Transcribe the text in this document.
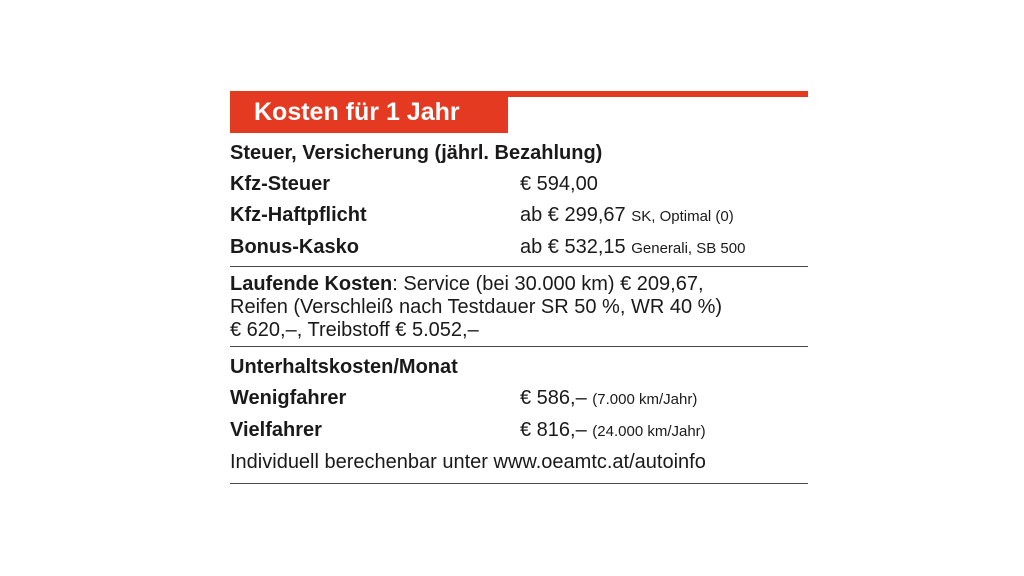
Kosten für 1 Jahr
Steuer, Versicherung (jährl. Bezahlung)
Kfz-Steuer	€ 594,00
Kfz-Haftpflicht	ab € 299,67 SK, Optimal (0)
Bonus-Kasko	ab € 532,15 Generali, SB 500
Laufende Kosten: Service (bei 30.000 km) € 209,67,
Reifen (Verschleiß nach Testdauer SR 50 %, WR 40 %)
€ 620,–, Treibstoff € 5.052,–
Unterhaltskosten/Monat
Wenigfahrer	€ 586,– (7.000 km/Jahr)
Vielfahrer	€ 816,– (24.000 km/Jahr)
Individuell berechenbar unter www.oeamtc.at/autoinfo
